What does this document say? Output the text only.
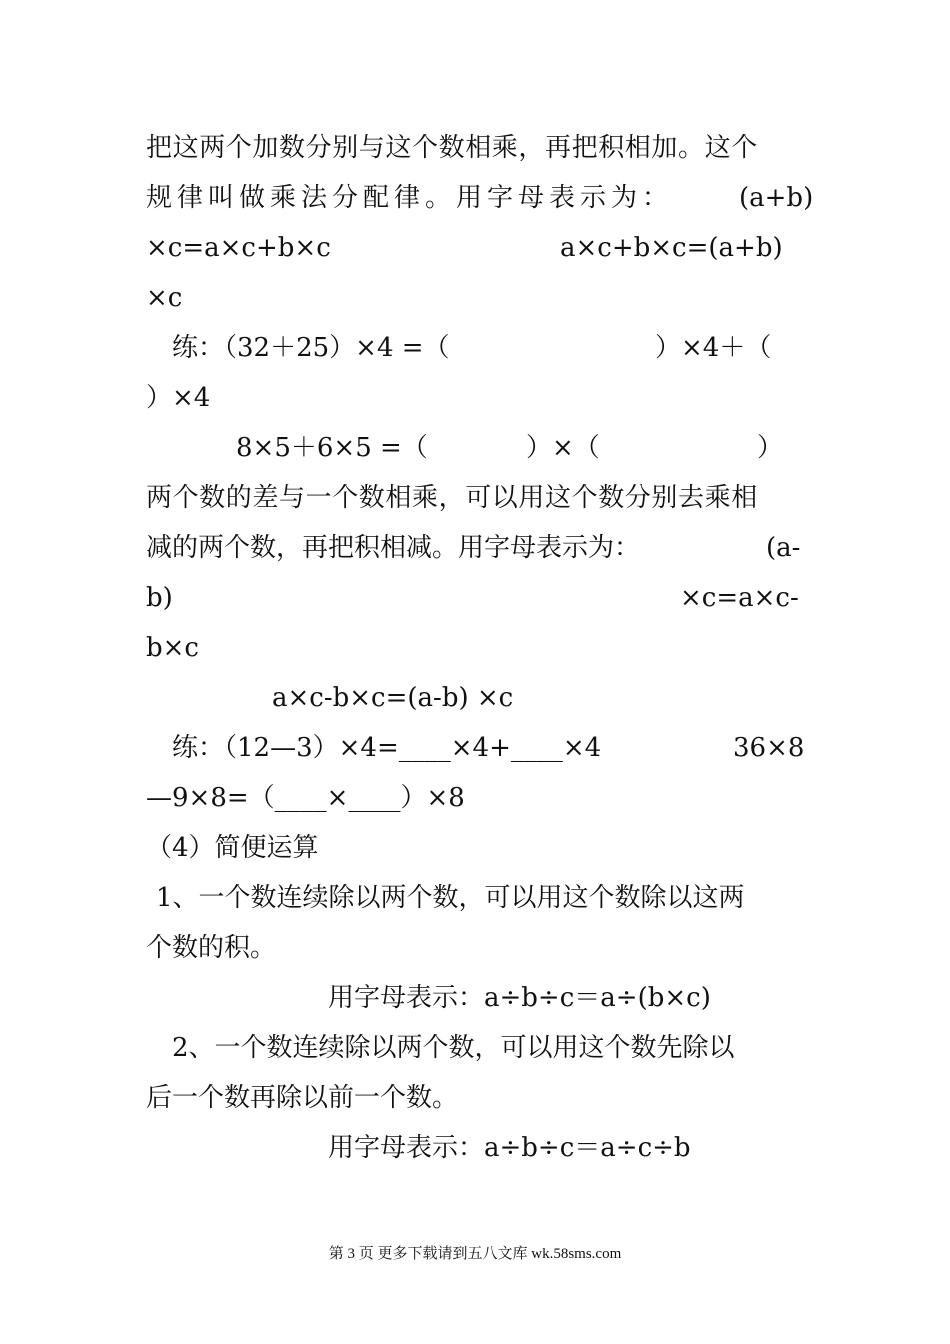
把这两个加数分别与这个数相乘，再把积相加。这个
规律叫做乘法分配律。用字母表示为：	(a+b)
×c=a×c+b×c	a×c+b×c=(a+b)
×c
练：（32＋25）×4 =（	）×4＋（
）×4
8×5＋6×5 =（	）×（	）
两个数的差与一个数相乘，可以用这个数分别去乘相
减的两个数，再把积相减。用字母表示为：	(a-
b)	×c=a×c-
b×c
a×c-b×c=(a-b) ×c
练：（12—3）×4=____×4+____×4	36×8
—9×8=（____×____）×8
（4）简便运算
1、一个数连续除以两个数，可以用这个数除以这两
个数的积。
用字母表示：a÷b÷c＝a÷(b×c)
2、一个数连续除以两个数，可以用这个数先除以
后一个数再除以前一个数。
用字母表示：a÷b÷c＝a÷c÷b
第 3 页 更多下载请到五八文库 wk.58sms.com
